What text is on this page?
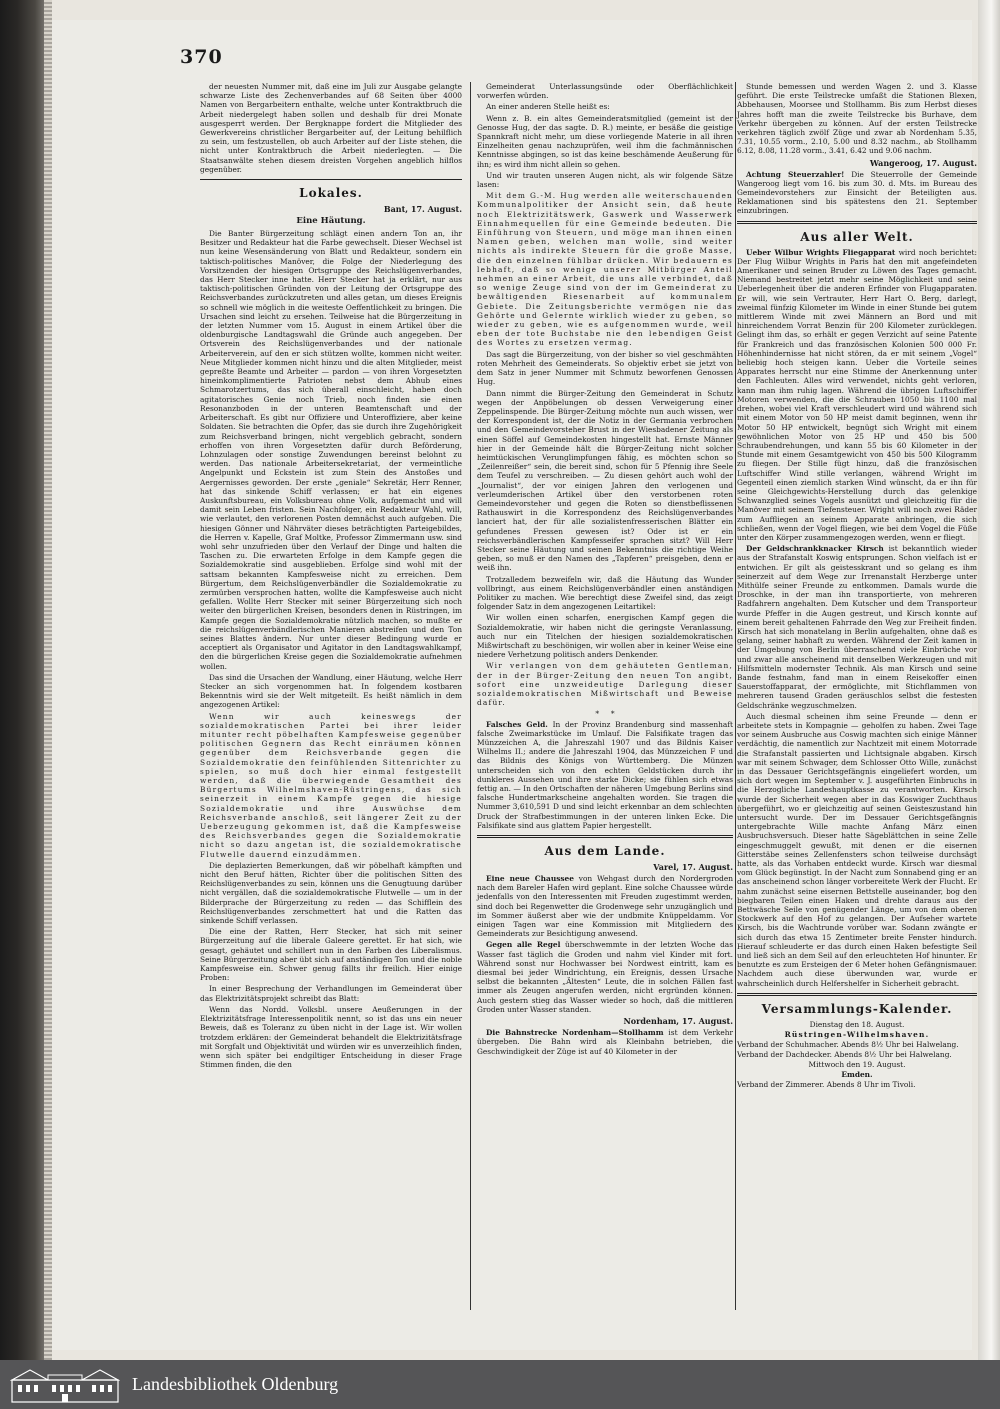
370

der neuesten Nummer mit, daß eine im Juli zur Ausgabe gelangte schwarze Liste des Zechenverbandes auf 68 Seiten über 4000 Namen von Bergarbeitern enthalte, welche unter Kontraktbruch die Arbeit niedergelegt haben sollen und deshalb für drei Monate ausgesperrt werden. Der Bergknappe fordert die Mitglieder des Gewerkvereins christlicher Bergarbeiter auf, der Leitung behilflich zu sein, um festzustellen, ob auch Arbeiter auf der Liste stehen, die nicht unter Kontraktbruch die Arbeit niederlegten. — Die Staatsanwälte stehen diesem dreisten Vorgehen angeblich hilflos gegenüber.

Lokales.
Bant, 17. August.
Eine Häutung.

Die Banter Bürgerzeitung schlägt einen andern Ton an, ihr Besitzer und Redakteur hat die Farbe gewechselt. Dieser Wechsel ist nun keine Wesensänderung von Blatt und Redakteur, sondern ein taktisch-politisches Manöver, die Folge der Niederlegung des Vorsitzenden der hiesigen Ortsgruppe des Reichslügenverbandes, das Herr Stecker inne hatte. Herr Stecker hat ja erklärt, nur aus taktisch-politischen Gründen von der Leitung der Ortsgruppe des Reichsverbandes zurückzutreten und alles getan, um dieses Ereignis so schnell wie möglich in die weiteste Oeffentlichkeit zu bringen. Die Ursachen sind leicht zu ersehen. Teilweise hat die Bürgerzeitung in der letzten Nummer vom 15. August in einem Artikel über die oldenburgische Landtagswahl die Gründe auch angegeben. Der Ortsverein des Reichslügenverbandes und der nationale Arbeiterverein, auf den er sich stützen wollte, kommen nicht weiter. Neue Mitglieder kommen nicht hinzu und die alten Mitglieder, meist gepreßte Beamte und Arbeiter — pardon — von ihren Vorgesetzten hineinkomplimentierte Patrioten nebst dem Abhub eines Schmarotzertums, das sich überall einschleicht, haben doch agitatorisches Genie noch Trieb, noch finden sie einen Resonanzboden in der unteren Beamtenschaft und der Arbeiterschaft. Es gibt nur Offiziere und Unteroffiziere, aber keine Soldaten. Sie betrachten die Opfer, das sie durch ihre Zugehörigkeit zum Reichsverband bringen, nicht vergeblich gebracht, sondern erhoffen von ihren Vorgesetzten dafür durch Beförderung, Lohnzulagen oder sonstige Zuwendungen bereinst belohnt zu werden. Das nationale Arbeitersekretariat, der vermeintliche Angelpunkt und Eckstein ist zum Stein des Anstoßes und Aergernisses geworden. Der erste „geniale“ Sekretär, Herr Renner, hat das sinkende Schiff verlassen; er hat ein eigenes Auskunftsbureau, ein Volksbureau ohne Volk, aufgemacht und will damit sein Leben fristen. Sein Nachfolger, ein Redakteur Wahl, will, wie verlautet, den verlorenen Posten demnächst auch aufgeben. Die hiesigen Gönner und Nährväter dieses beträchtigten Parteigebildes, die Herren v. Kapelle, Graf Moltke, Professor Zimmermann usw. sind wohl sehr unzufrieden über den Verlauf der Dinge und halten die Taschen zu. Die erwarteten Erfolge in dem Kampfe gegen die Sozialdemokratie sind ausgeblieben. Erfolge sind wohl mit der sattsam bekannten Kampfesweise nicht zu erreichen. Dem Bürgertum, dem Reichslügenverbändler die Sozialdemokratie zu zermürben versprochen hatten, wollte die Kampfesweise auch nicht gefallen. Wollte Herr Stecker mit seiner Bürgerzeitung sich noch weiter den bürgerlichen Kreisen, besonders denen in Rüstringen, im Kampfe gegen die Sozialdemokratie nützlich machen, so mußte er die reichslügenverbändlerischen Manieren abstreifen und den Ton seines Blattes ändern. Nur unter dieser Bedingung wurde er acceptiert als Organisator und Agitator in den Landtagswahlkampf, den die bürgerlichen Kreise gegen die Sozialdemokratie aufnehmen wollen.

Das sind die Ursachen der Wandlung, einer Häutung, welche Herr Stecker an sich vorgenommen hat. In folgendem kostbaren Bekenntnis wird sie der Welt mitgeteilt. Es heißt nämlich in dem angezogenen Artikel:

Wenn wir auch keineswegs der sozialdemokratischen Partei bei ihrer leider mitunter recht pöbelhaften Kampfesweise gegenüber politischen Gegnern das Recht einräumen können gegenüber dem Reichsverbande gegen die Sozialdemokratie den feinfühlenden Sittenrichter zu spielen, so muß doch hier einmal festgestellt werden, daß die überwiegende Gesamtheit des Bürgertums Wilhelmshaven-Rüstringens, das sich seinerzeit in einem Kampfe gegen die hiesige Sozialdemokratie und ihre Auswüchse dem Reichsverbande anschloß, seit längerer Zeit zu der Ueberzeugung gekommen ist, daß die Kampfesweise des Reichsverbandes gegen die Sozialdemokratie nicht so dazu angetan ist, die sozialdemokratische Flutwelle dauernd einzudämmen.

Die deplazierten Bemerkungen, daß wir pöbelhaft kämpften und nicht den Beruf hätten, Richter über die politischen Sitten des Reichslügenverbandes zu sein, können uns die Genugtuung darüber nicht vergällen, daß die sozialdemokratische Flutwelle — um in der Bilderprache der Bürgerzeitung zu reden — das Schifflein des Reichslügenverbandes zerschmettert hat und die Ratten das sinkende Schiff verlassen.

Die eine der Ratten, Herr Stecker, hat sich mit seiner Bürgerzeitung auf die liberale Galeere gerettet. Er hat sich, wie gesagt, gehäutet und schillert nun in den Farben des Liberalismus. Seine Bürgerzeitung aber übt sich auf anständigen Ton und die noble Kampfesweise ein. Schwer genug fällts ihr freilich. Hier einige Proben:

In einer Besprechung der Verhandlungen im Gemeinderat über das Elektrizitätsprojekt schreibt das Blatt:

Wenn das Nordd. Volksbl. unsere Aeußerungen in der Elektrizitätsfrage Interessenpolitik nennt, so ist das uns ein neuer Beweis, daß es Toleranz zu üben nicht in der Lage ist. Wir wollen trotzdem erklären: der Gemeinderat behandelt die Elektrizitätsfrage mit Sorgfalt und Objektivität und würden wir es unverzeihlich finden, wenn sich später bei endgiltiger Entscheidung in dieser Frage Stimmen finden, die den

Gemeinderat Unterlassungsünde oder Oberflächlichkeit vorwerfen würden.

An einer anderen Stelle heißt es:

Wenn z. B. ein altes Gemeinderatsmitglied (gemeint ist der Genosse Hug, der das sagte. D. R.) meinte, er besäße die geistige Spannkraft nicht mehr, um diese vorliegende Materie in all ihren Einzelheiten genau nachzuprüfen, weil ihm die fachmännischen Kenntnisse abgingen, so ist das keine beschämende Aeußerung für ihn; es wird ihm nicht allein so gehen.

Und wir trauten unseren Augen nicht, als wir folgende Sätze lasen:

Mit dem G.-M. Hug werden alle weiterschauenden Kommunalpolitiker der Ansicht sein, daß heute noch Elektrizitätswerk, Gaswerk und Wasserwerk Einnahmequellen für eine Gemeinde bedeuten. Die Einführung von Steuern, und möge man ihnen einen Namen geben, welchen man wolle, sind weiter nichts als indirekte Steuern für die große Masse, die den einzelnen fühlbar drücken. Wir bedauern es lebhaft, daß so wenige unserer Mitbürger Anteil nehmen an einer Arbeit, die uns alle verbindet, daß so wenige Zeuge sind von der im Gemeinderat zu bewältigenden Riesenarbeit auf kommunalem Gebiete. Die Zeitungsberichte vermögen nie das Gehörte und Gelernte wirklich wieder zu geben, so wieder zu geben, wie es aufgenommen wurde, weil eben der tote Buchstabe nie den lebendigen Geist des Wortes zu ersetzen vermag.

Das sagt die Bürgerzeitung, von der bisher so viel geschmähten roten Mehrheit des Gemeinderats. So objektiv erbet sie jetzt von dem Satz in jener Nummer mit Schmutz beworfenen Genossen Hug.

Dann nimmt die Bürger-Zeitung den Gemeinderat in Schutz wegen der Anpöbelungen ob dessen Verweigerung einer Zeppelinspende. Die Bürger-Zeitung möchte nun auch wissen, wer der Korrespondent ist, der die Notiz in der Germania verbrochen und den Gemeindevorsteher Brust in der Wiesbadener Zeitung als einen Söffel auf Gemeindekosten hingestellt hat. Ernste Männer hier in der Gemeinde hält die Bürger-Zeitung nicht solcher heimtückischen Verunglimpfungen fähig, es möchten schon so „Zeilenreißer“ sein, die bereit sind, schon für 5 Pfennig ihre Seele dem Teufel zu verschreiben. — Zu diesen gehört auch wohl der „Journalist“, der vor einigen Jahren den verlogenen und verleumderischen Artikel über den verstorbenen roten Gemeindevorsteher und gegen die Roten so dienstbeflissenen Rathauswirt in die Korrespondenz des Reichslügenverbandes lanciert hat, der für alle sozialistenfresserischen Blätter ein gefundenes Fressen gewesen ist? Oder ist er ein reichsverbändlerischen Kampfesseifer sprachen sitzt? Will Herr Stecker seine Häutung und seinen Bekenntnis die richtige Weihe geben, so muß er den Namen des „Tapferen“ preisgeben, denn er weiß ihn.

Trotzalledem bezweifeln wir, daß die Häutung das Wunder vollbringt, aus einem Reichslügenverbändler einen anständigen Politiker zu machen. Wie berechtigt diese Zweifel sind, das zeigt folgender Satz in dem angezogenen Leitartikel:

Wir wollen einen scharfen, energischen Kampf gegen die Sozialdemokratie, wir haben nicht die geringste Veranlassung, auch nur ein Titelchen der hiesigen sozialdemokratischen Mißwirtschaft zu beschönigen, wir wollen aber in keiner Weise eine niedere Verhetzung politisch anders Denkender.

Wir verlangen von dem gehäuteten Gentleman, der in der Bürger-Zeitung den neuen Ton angibt, sofort eine unzweideutige Darlegung dieser sozialdemokratischen Mißwirtschaft und Beweise dafür.

*     *

Falsches Geld. In der Provinz Brandenburg sind massenhaft falsche Zweimarkstücke im Umlauf. Die Falsifikate tragen das Münzzeichen A, die Jahreszahl 1907 und das Bildnis Kaiser Wilhelms II.; andere die Jahreszahl 1904, das Münzzeichen F und das Bildnis des Königs von Württemberg. Die Münzen unterscheiden sich von den echten Geldstücken durch ihr dunkleres Aussehen und ihre starke Dicke; sie fühlen sich etwas fettig an. — In den Ortschaften der näheren Umgebung Berlins sind falsche Hundertmarkscheine angehalten worden. Sie tragen die Nummer 3,610,591 D und sind leicht erkennbar an dem schlechten Druck der Strafbestimmungen in der unteren linken Ecke. Die Falsifikate sind aus glattem Papier hergestellt.

Aus dem Lande.
Varel, 17. August.

Eine neue Chaussee von Wehgast durch den Nordergroden nach dem Bareler Hafen wird geplant. Eine solche Chaussee würde jedenfalls von den Interessenten mit Freuden zugestimmt werden, sind doch bei Regenwetter die Grodenwege sehr unzugänglich und im Sommer äußerst aber wie der undbmite Knüppeldamm. Vor einigen Tagen war eine Kommission mit Mitgliedern des Gemeinderats zur Besichtigung anwesend.

Gegen alle Regel überschwemmte in der letzten Woche das Wasser fast täglich die Groden und nahm viel Kinder mit fort. Während sonst nur Hochwasser bei Nordwest eintritt, kam es diesmal bei jeder Windrichtung, ein Ereignis, dessen Ursache selbst die bekannten „Ältesten“ Leute, die in solchen Fällen fast immer als Zeugen angerufen werden, nicht ergründen können. Auch gestern stieg das Wasser wieder so hoch, daß die mittleren Groden unter Wasser standen.

Nordenham, 17. August.

Die Bahnstrecke Nordenham—Stollhamm ist dem Verkehr übergeben. Die Bahn wird als Kleinbahn betrieben, die Geschwindigkeit der Züge ist auf 40 Kilometer in der

Stunde bemessen und werden Wagen 2. und 3. Klasse geführt. Die erste Teilstrecke umfaßt die Stationen Blexen, Abbehausen, Moorsee und Stollhamm. Bis zum Herbst dieses Jahres hofft man die zweite Teilstrecke bis Burhave, dem Verkehr übergeben zu können. Auf der ersten Teilstrecke verkehren täglich zwölf Züge und zwar ab Nordenham 5.35, 7.31, 10.55 vorm., 2.10, 5.00 und 8.32 nachm., ab Stollhamm 6.12, 8.08, 11.28 vorm., 3.41, 6.42 und 9.06 nachm.

Wangeroog, 17. August.

Achtung Steuerzahler! Die Steuerrolle der Gemeinde Wangeroog liegt vom 16. bis zum 30. d. Mts. im Bureau des Gemeindevorstehers zur Einsicht der Beteiligten aus. Reklamationen sind bis spätestens den 21. September einzubringen.

Aus aller Welt.

Ueber Wilbur Wrights Fliegapparat wird noch berichtet: Der Flug Wilbur Wrights in Paris hat den mit angefeindeten Amerikaner und seinen Bruder zu Löwen des Tages gemacht. Niemand bestreitet jetzt mehr seine Möglichkeit und seine Ueberlegenheit über die anderen Erfinder von Flugapparaten. Er will, wie sein Vertrauter, Herr Hart O. Berg, darlegt, zweimal fünfzig Kilometer im Winde in einer Stunde bei gutem mittlerem Winde mit zwei Männern an Bord und mit hinreichendem Vorrat Benzin für 200 Kilometer zurücklegen. Gelingt ihm das, so erhält er gegen Verzicht auf seine Patente für Frankreich und das französischen Kolonien 500 000 Fr. Höhenhindernisse hat nicht stören, da er mit seinem „Vogel“ beliebig hoch steigen kann. Ueber die Vorteile seines Apparates herrscht nur eine Stimme der Anerkennung unter den Fachleuten. Alles wird verwendet, nichts geht verloren, kann man ihm ruhig lagen. Während die übrigen Luftschiffer Motoren verwenden, die die Schrauben 1050 bis 1100 mal drehen, wobei viel Kraft verschleudert wird und während sich mit einem Motor von 50 HP meist damit beginnen, wenn ihr Motor 50 HP entwickelt, begnügt sich Wright mit einem gewöhnlichen Motor von 25 HP und 450 bis 500 Schraubendrehungen, und kann 55 bis 60 Kilometer in der Stunde mit einem Gesamtgewicht von 450 bis 500 Kilogramm zu fliegen. Der Stille fügt hinzu, daß die französischen Luftschiffer Wind stille verlangen, während Wright im Gegenteil einen ziemlich starken Wind wünscht, da er ihn für seine Gleichgewichts-Herstellung durch das gelenkige Schwanzglied seines Vogels ausnützt und gleichzeitig für die Manöver mit seinem Tiefensteuer. Wright will noch zwei Räder zum Auffliegen an seinem Apparate anbringen, die sich schließen, wenn der Vogel fliegen, wie bei dem Vogel die Füße unter den Körper zusammengezogen werden, wenn er fliegt.

Der Geldschrankknacker Kirsch ist bekanntlich wieder aus der Strafanstalt Koswig entsprungen. Schon vielfach ist er entwichen. Er gilt als geistesskrant und so gelang es ihm seinerzeit auf dem Wege zur Irrenanstalt Herzberge unter Mithülfe seiner Freunde zu entkommen. Damals wurde die Droschke, in der man ihn transportierte, von mehreren Radfahrern angehalten. Dem Kutscher und dem Transporteur wurde Pfeffer in die Augen gestreut, und Kirsch konnte auf einem bereit gehaltenen Fahrrade den Weg zur Freiheit finden. Kirsch hat sich monatelang in Berlin aufgehalten, ohne daß es gelang, seiner habhaft zu werden. Während der Zeit kamen in der Umgebung von Berlin überraschend viele Einbrüche vor und zwar alle anscheinend mit denselben Werkzeugen und mit Hilfsmitteln modernster Technik. Als man Kirsch und seine Bande festnahm, fand man in einem Reisekoffer einen Sauerstoffapparat, der ermöglichte, mit Stichflammen von mehreren tausend Graden geräuschlos selbst die festesten Geldschränke wegzuschmelzen.

Auch diesmal scheinen ihm seine Freunde — denn er arbeitete stets in Kompagnie — geholfen zu haben. Zwei Tage vor seinem Ausbruche aus Coswig machten sich einige Männer verdächtig, die namentlich zur Nachtzeit mit einem Motorrade die Strafanstalt passierten und Lichtsignale abgaben. Kirsch war mit seinem Schwager, dem Schlosser Otto Wille, zunächst in das Dessauer Gerichtsgefängnis eingeliefert worden, um sich dort wegen im September v. J. ausgeführten Einbruchs in die Herzogliche Landeshauptkasse zu verantworten. Kirsch wurde der Sicherheit wegen aber in das Koswiger Zuchthaus übergeführt, wo er gleichzeitig auf seinen Geisteszustand hin untersucht wurde. Der im Dessauer Gerichtsgefängnis untergebrachte Wille machte Anfang März einen Ausbruchsversuch. Dieser hatte Sägeblättchen in seine Zelle eingeschmuggelt gewußt, mit denen er die eisernen Gitterstäbe seines Zellenfensters schon teilweise durchsägt hatte, als das Vorhaben entdeckt wurde. Kirsch war diesmal vom Glück begünstigt. In der Nacht zum Sonnabend ging er an das anscheinend schon länger vorbereitete Werk der Flucht. Er nahm zunächst seine eisernen Bettstelle auseinander, bog den biegbaren Teilen einen Haken und drehte daraus aus der Bettwäsche Seile von genügender Länge, um von dem oberen Stockwerk auf den Hof zu gelangen. Der Aufseher wartete Kirsch, bis die Wachtrunde vorüber war. Sodann zwängte er sich durch das etwa 15 Zentimeter breite Fenster hindurch. Hierauf schleuderte er das durch einen Haken befestigte Seil und ließ sich an dem Seil auf den erleuchteten Hof hinunter. Er benutzte es zum Ersteigen der 6 Meter hohen Gefängnismauer. Nachdem auch diese überwunden war, wurde er wahrscheinlich durch Helfershelfer in Sicherheit gebracht.

Versammlungs-Kalender.
Dienstag den 18. August.
Rüstringen-Wilhelmshaven.
Verband der Schuhmacher. Abends 8½ Uhr bei Halwelang.
Verband der Dachdecker. Abends 8½ Uhr bei Halwelang.
Mittwoch den 19. August.
Emden.
Verband der Zimmerer. Abends 8 Uhr im Tivoli.
Landesbibliothek Oldenburg
